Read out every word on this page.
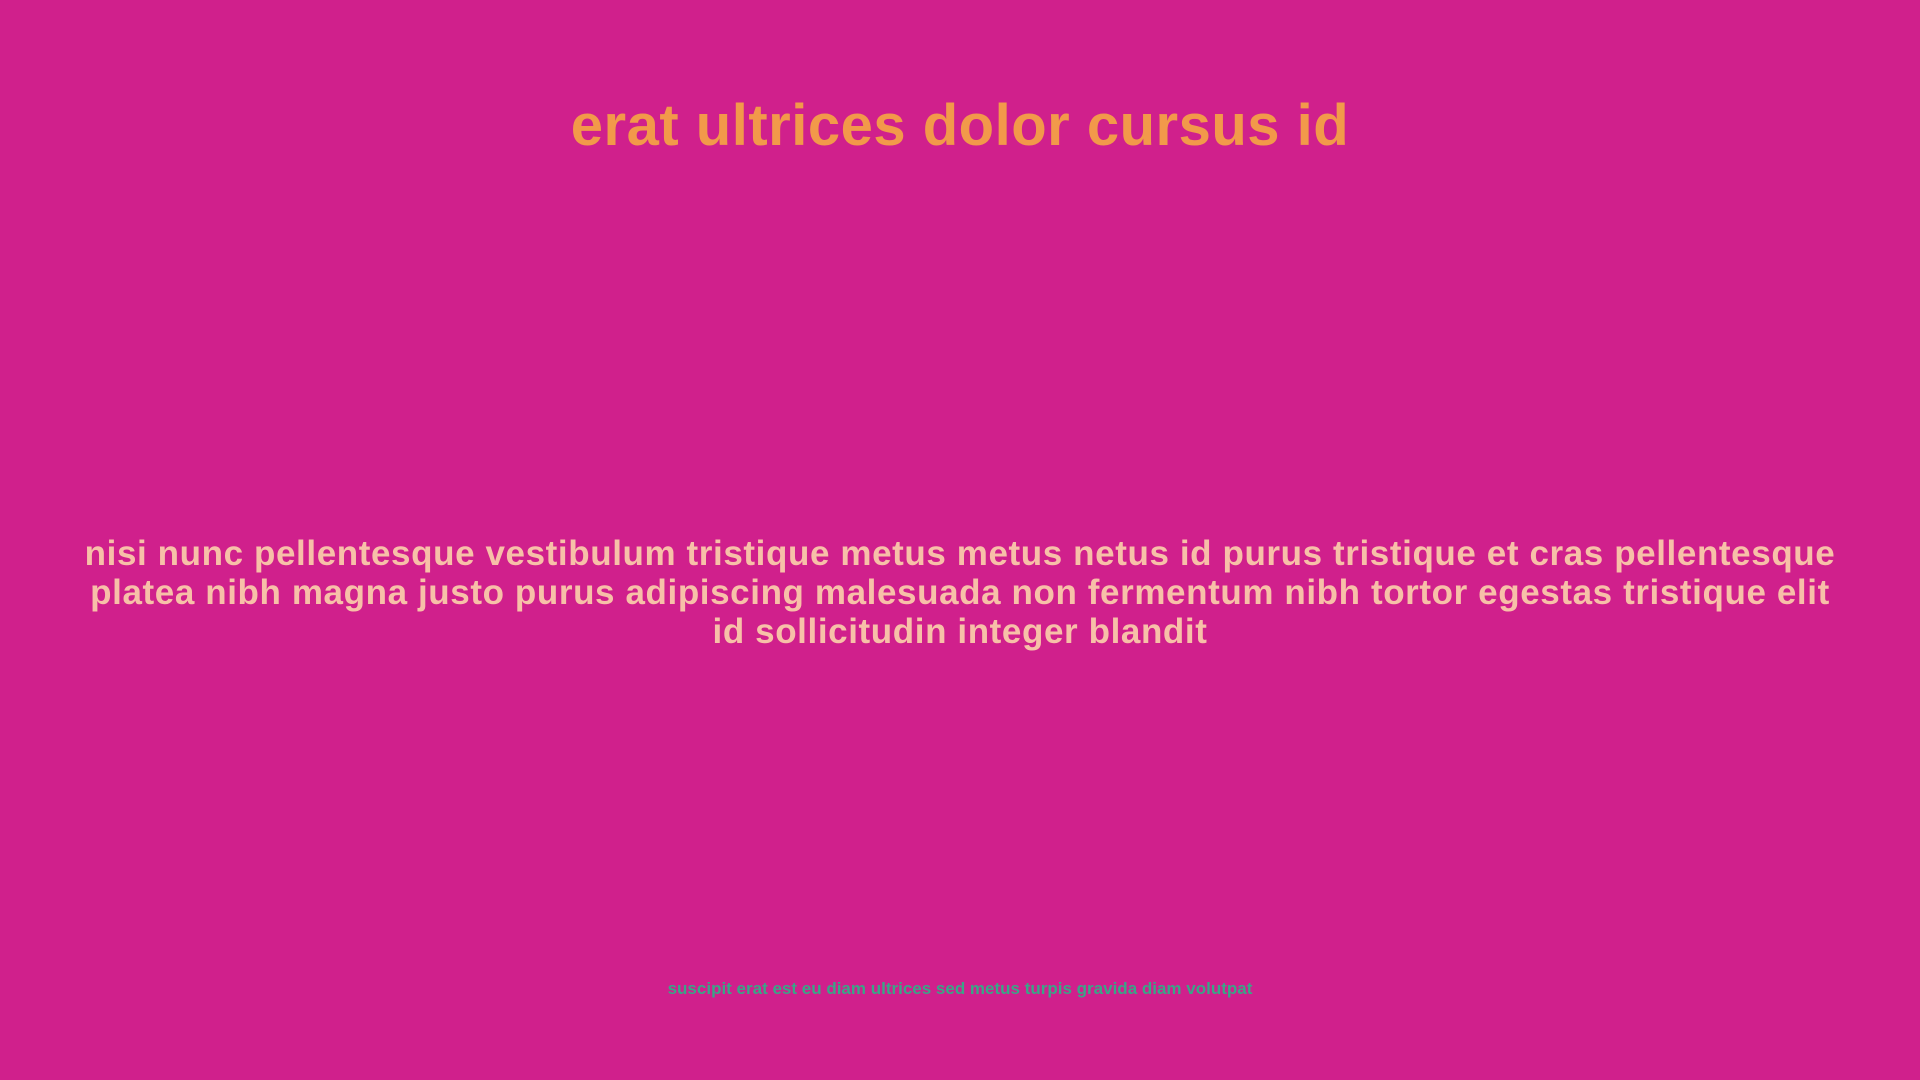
erat ultrices dolor cursus id
nisi nunc pellentesque vestibulum tristique metus metus netus id purus tristique et cras pellentesque platea nibh magna justo purus adipiscing malesuada non fermentum nibh tortor egestas tristique elit id sollicitudin integer blandit
suscipit erat est eu diam ultrices sed metus turpis gravida diam volutpat
